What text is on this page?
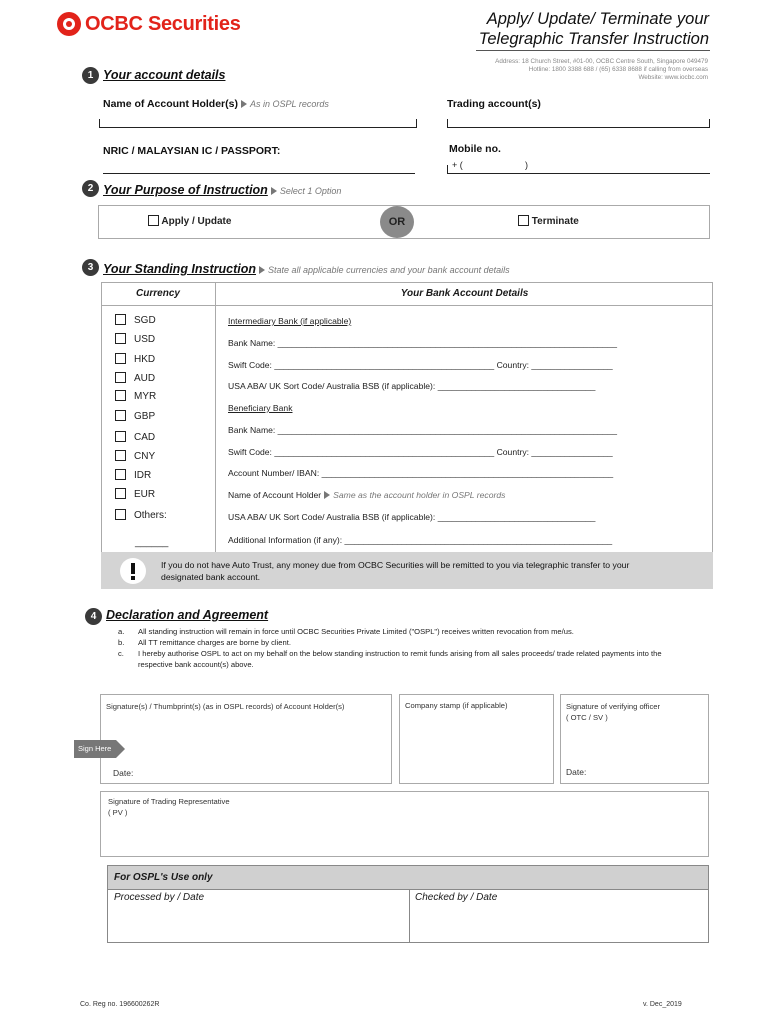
OCBC Securities	Apply/ Update/ Terminate your
Telegraphic Transfer Instruction
Address: 18 Church Street, #01-00, OCBC Centre South, Singapore 049479
Hotline: 1800 3388 688 / (65) 6338 8688 if calling from overseas
Website: www.iocbc.com
1 Your account details
Name of Account Holder(s) As in OSPL records	Trading account(s)
NRIC / MALAYSIAN IC / PASSPORT:	Mobile no.
+ (	)
2 Your Purpose of Instruction Select 1 Option
Apply / Update	OR	Terminate
3 Your Standing Instruction State all applicable currencies and your bank account details
Currency	Your Bank Account Details
SGD
USD
HKD
AUD
MYR
GBP
CAD
CNY
IDR
EUR
Others:
______
Intermediary Bank (if applicable)
Bank Name: _______________________________________________________________________
Swift Code: ______________________________________________ Country: _________________
USA ABA/ UK Sort Code/ Australia BSB (if applicable): _________________________________
Beneficiary Bank
Bank Name: _______________________________________________________________________
Swift Code: ______________________________________________ Country: _________________
Account Number/ IBAN: _____________________________________________________________
Name of Account Holder Same as the account holder in OSPL records
USA ABA/ UK Sort Code/ Australia BSB (if applicable): _________________________________
Additional Information (if any): ________________________________________________________
If you do not have Auto Trust, any money due from OCBC Securities will be remitted to you via telegraphic transfer to your
designated bank account.
4 Declaration and Agreement
a. All standing instruction will remain in force until OCBC Securities Private Limited ("OSPL") receives written revocation from me/us.
b. All TT remittance charges are borne by client.
c. I hereby authorise OSPL to act on my behalf on the below standing instruction to remit funds arising from all sales proceeds/ trade related payments into the
respective bank account(s) above.
Signature(s) / Thumbprint(s) (as in OSPL records) of Account Holder(s)
Sign Here
Date:
Company stamp (if applicable)	Signature of verifying officer
( OTC / SV )
Date:
Signature of Trading Representative
( PV )
For OSPL's Use only
Processed by / Date	Checked by / Date
Co. Reg no. 196600262R	v. Dec_2019
